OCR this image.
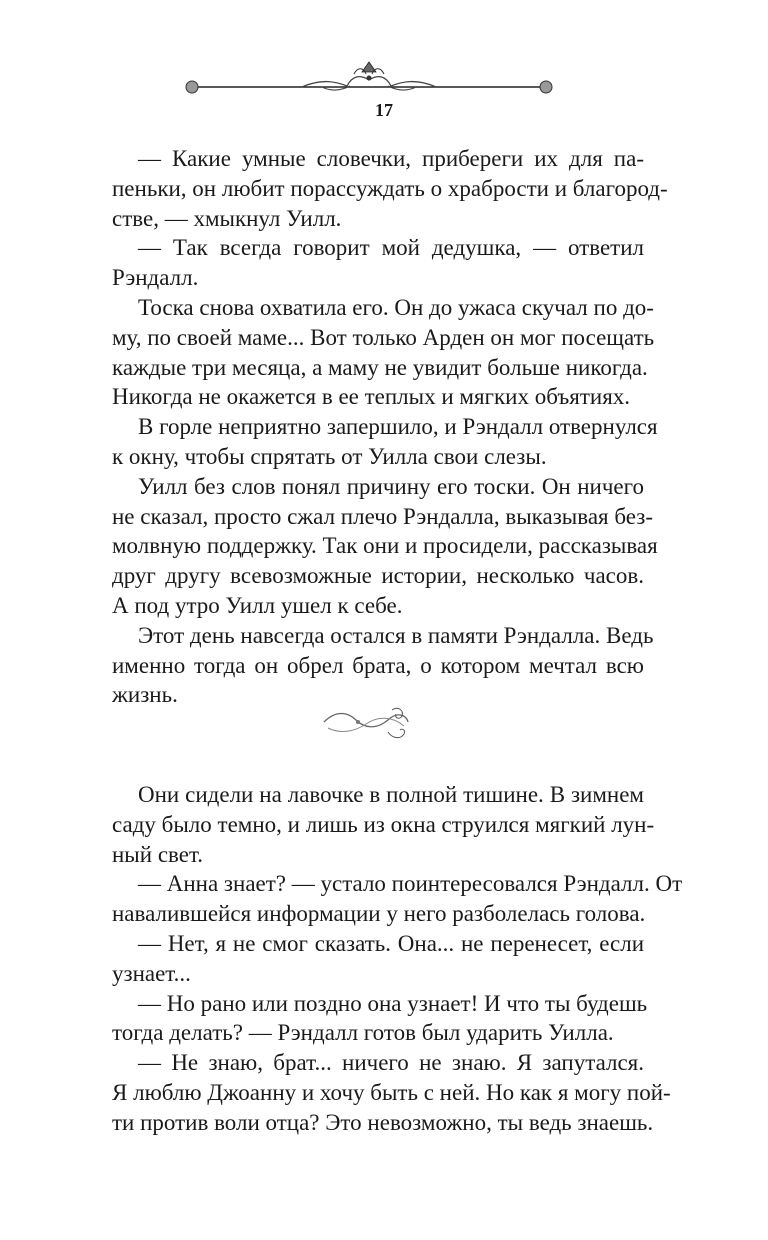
17

— Какие умные словечки, прибереги их для па-

пеньки, он любит порассуждать о храбрости и благород-

стве, — хмыкнул Уилл.

— Так всегда говорит мой дедушка, — ответил

Рэндалл.

Тоска снова охватила его. Он до ужаса скучал по до-

му, по своей маме... Вот только Арден он мог посещать

каждые три месяца, а маму не увидит больше никогда.

Никогда не окажется в ее теплых и мягких объятиях.

В горле неприятно запершило, и Рэндалл отвернулся

к окну, чтобы спрятать от Уилла свои слезы.

Уилл без слов понял причину его тоски. Он ничего

не сказал, просто сжал плечо Рэндалла, выказывая без-

молвную поддержку. Так они и просидели, рассказывая

друг другу всевозможные истории, несколько часов.

А под утро Уилл ушел к себе.

Этот день навсегда остался в памяти Рэндалла. Ведь

именно тогда он обрел брата, о котором мечтал всю

жизнь.

Они сидели на лавочке в полной тишине. В зимнем

саду было темно, и лишь из окна струился мягкий лун-

ный свет.

— Анна знает? — устало поинтересовался Рэндалл. От

навалившейся информации у него разболелась голова.

— Нет, я не смог сказать. Она... не перенесет, если

узнает...

— Но рано или поздно она узнает! И что ты будешь

тогда делать? — Рэндалл готов был ударить Уилла.

— Не знаю, брат... ничего не знаю. Я запутался.

Я люблю Джоанну и хочу быть с ней. Но как я могу пой-

ти против воли отца? Это невозможно, ты ведь знаешь.
